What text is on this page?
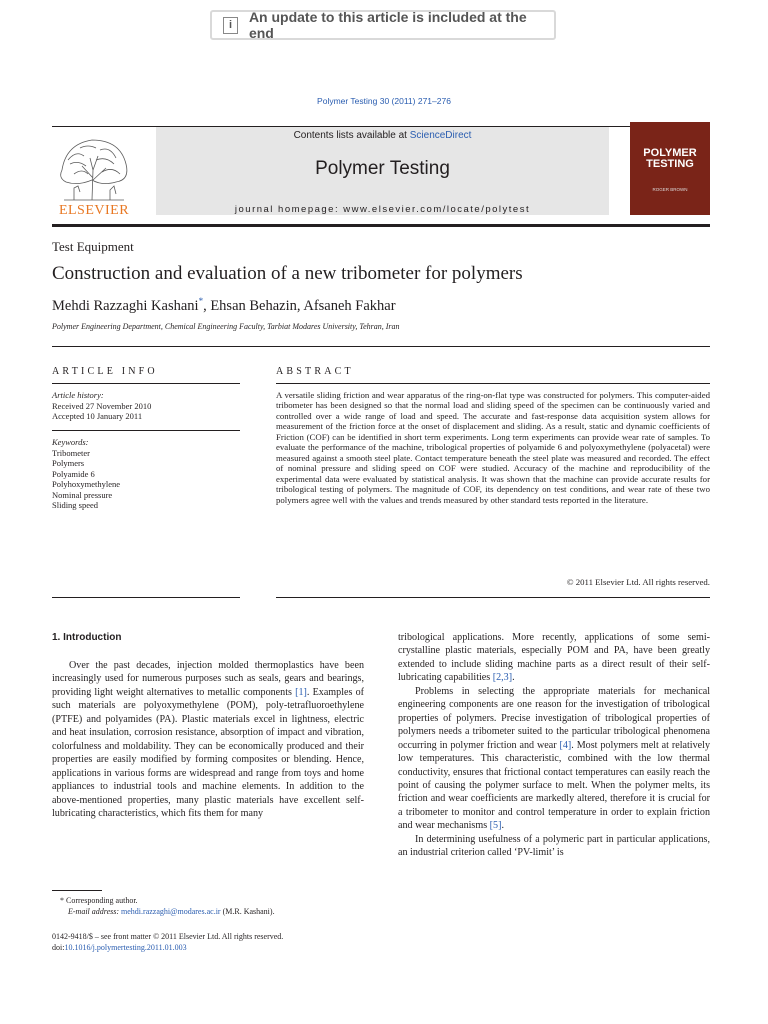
i	An update to this article is included at the end
Polymer Testing 30 (2011) 271–276
ELSEVIER
Contents lists available at ScienceDirect
Polymer Testing
journal homepage: www.elsevier.com/locate/polytest
POLYMER
TESTING
ROGER BROWN
Test Equipment
Construction and evaluation of a new tribometer for polymers
Mehdi Razzaghi Kashani*, Ehsan Behazin, Afsaneh Fakhar
Polymer Engineering Department, Chemical Engineering Faculty, Tarbiat Modares University, Tehran, Iran
ARTICLE INFO
Article history:
Received 27 November 2010
Accepted 10 January 2011
Keywords:
Tribometer
Polymers
Polyamide 6
Polyhoxymethylene
Nominal pressure
Sliding speed
ABSTRACT
A versatile sliding friction and wear apparatus of the ring-on-flat type was constructed for polymers. This computer-aided tribometer has been designed so that the normal load and sliding speed of the specimen can be continuously varied and controlled over a wide range of load and speed. The accurate and fast-response data acquisition system allows for measurement of the friction force at the onset of displacement and sliding. As a result, static and dynamic coefficients of Friction (COF) can be identified in short term experiments. Long term experiments can provide wear rate of samples. To evaluate the performance of the machine, tribological properties of polyamide 6 and polyoxymethylene (polyacetal) were measured against a smooth steel plate. Contact temperature beneath the steel plate was measured and recorded. The effect of nominal pressure and sliding speed on COF were studied. Accuracy of the machine and reproducibility of the experimental data were evaluated by statistical analysis. It was shown that the machine can provide accurate results for tribological testing of polymers. The magnitude of COF, its dependency on test conditions, and wear rate of these two polymers agree well with the values and trends measured by other standard tests reported in the literature.
© 2011 Elsevier Ltd. All rights reserved.
1. Introduction

Over the past decades, injection molded thermoplastics have been increasingly used for numerous purposes such as seals, gears and bearings, providing light weight alternatives to metallic components [1]. Examples of such materials are polyoxymethylene (POM), poly-tetrafluoroethylene (PTFE) and polyamides (PA). Plastic materials excel in lightness, electric and heat insulation, corrosion resistance, absorption of impact and vibration, colorfulness and moldability. They can be economically produced and their properties are easily modified by forming composites or blending. Hence, applications in various forms are widespread and range from toys and home appliances to industrial tools and machine elements. In addition to the above-mentioned properties, many plastic materials have excellent self-lubricating characteristics, which fits them for many

tribological applications. More recently, applications of some semi-crystalline plastic materials, especially POM and PA, have been greatly extended to include sliding machine parts as a direct result of their self-lubricating capabilities [2,3].

Problems in selecting the appropriate materials for mechanical engineering components are one reason for the investigation of tribological properties of polymers. Precise investigation of tribological properties of polymers needs a tribometer suited to the particular tribological phenomena occurring in polymer friction and wear [4]. Most polymers melt at relatively low temperatures. This characteristic, combined with the low thermal conductivity, ensures that frictional contact temperatures can easily reach the point of causing the polymer surface to melt. When the polymer melts, its friction and wear coefficients are markedly altered, therefore it is crucial for a tribometer to monitor and control temperature in order to explain friction and wear mechanisms [5].

In determining usefulness of a polymeric part in particular applications, an industrial criterion called ‘PV-limit’ is

* Corresponding author.
E-mail address: mehdi.razzaghi@modares.ac.ir (M.R. Kashani).
0142-9418/$ – see front matter © 2011 Elsevier Ltd. All rights reserved.
doi:10.1016/j.polymertesting.2011.01.003
